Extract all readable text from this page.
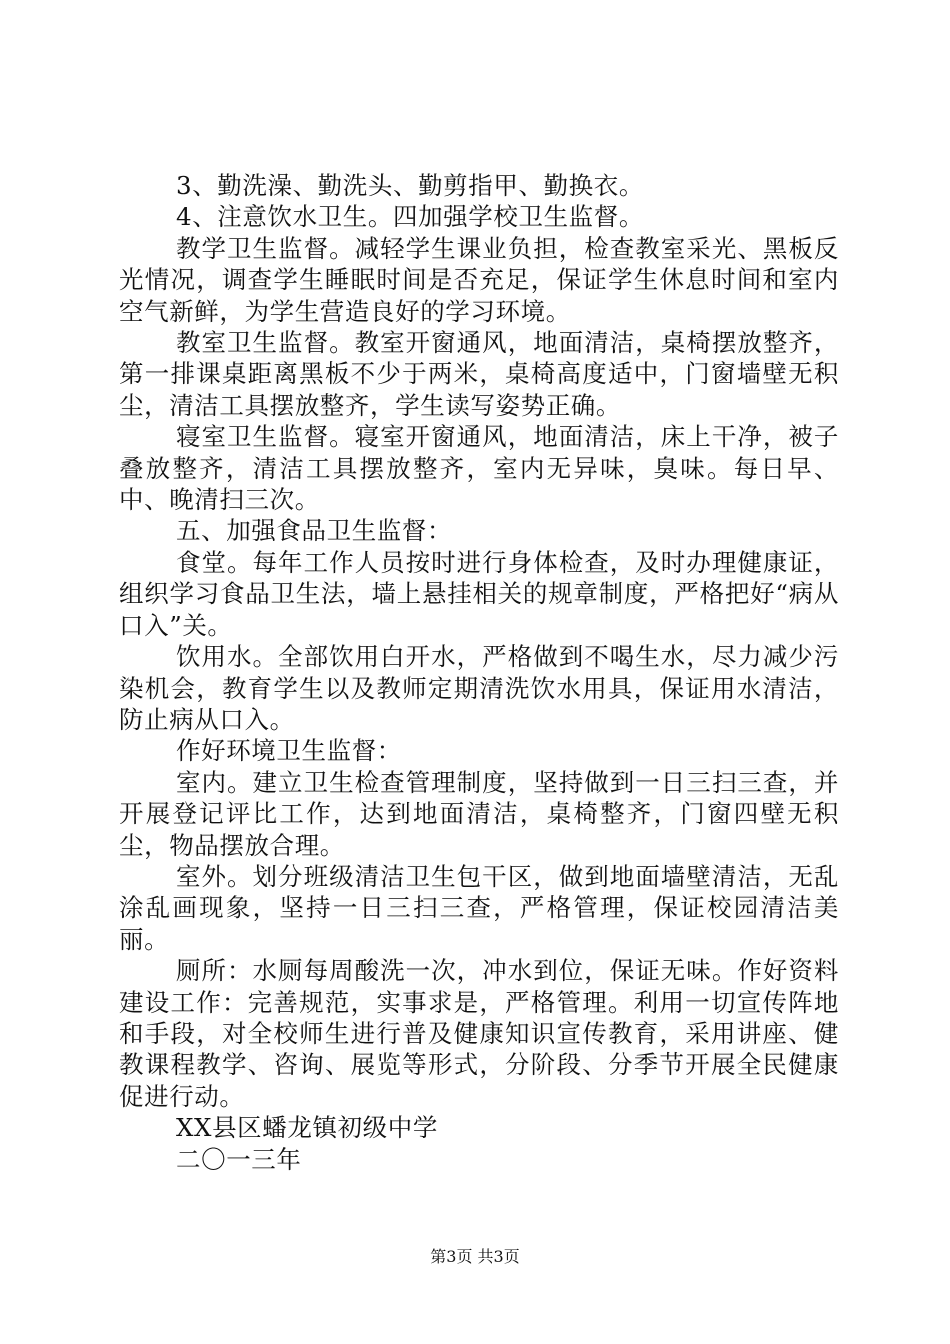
3、勤洗澡、勤洗头、勤剪指甲、勤换衣。

4、注意饮水卫生。四加强学校卫生监督。

教学卫生监督。减轻学生课业负担，检查教室采光、黑板反光情况，调查学生睡眠时间是否充足，保证学生休息时间和室内空气新鲜，为学生营造良好的学习环境。

教室卫生监督。教室开窗通风，地面清洁，桌椅摆放整齐，第一排课桌距离黑板不少于两米，桌椅高度适中，门窗墙壁无积尘，清洁工具摆放整齐，学生读写姿势正确。

寝室卫生监督。寝室开窗通风，地面清洁，床上干净，被子叠放整齐，清洁工具摆放整齐，室内无异味，臭味。每日早、中、晚清扫三次。

五、加强食品卫生监督：

食堂。每年工作人员按时进行身体检查，及时办理健康证，组织学习食品卫生法，墙上悬挂相关的规章制度，严格把好“病从口入”关。

饮用水。全部饮用白开水，严格做到不喝生水，尽力减少污染机会，教育学生以及教师定期清洗饮水用具，保证用水清洁，防止病从口入。

作好环境卫生监督：

室内。建立卫生检查管理制度，坚持做到一日三扫三查，并开展登记评比工作，达到地面清洁，桌椅整齐，门窗四壁无积尘，物品摆放合理。

室外。划分班级清洁卫生包干区，做到地面墙壁清洁，无乱涂乱画现象，坚持一日三扫三查，严格管理，保证校园清洁美丽。

厕所：水厕每周酸洗一次，冲水到位，保证无味。作好资料建设工作：完善规范，实事求是，严格管理。利用一切宣传阵地和手段，对全校师生进行普及健康知识宣传教育，采用讲座、健教课程教学、咨询、展览等形式，分阶段、分季节开展全民健康促进行动。

XX县区蟠龙镇初级中学

二〇一三年

第3页 共3页
